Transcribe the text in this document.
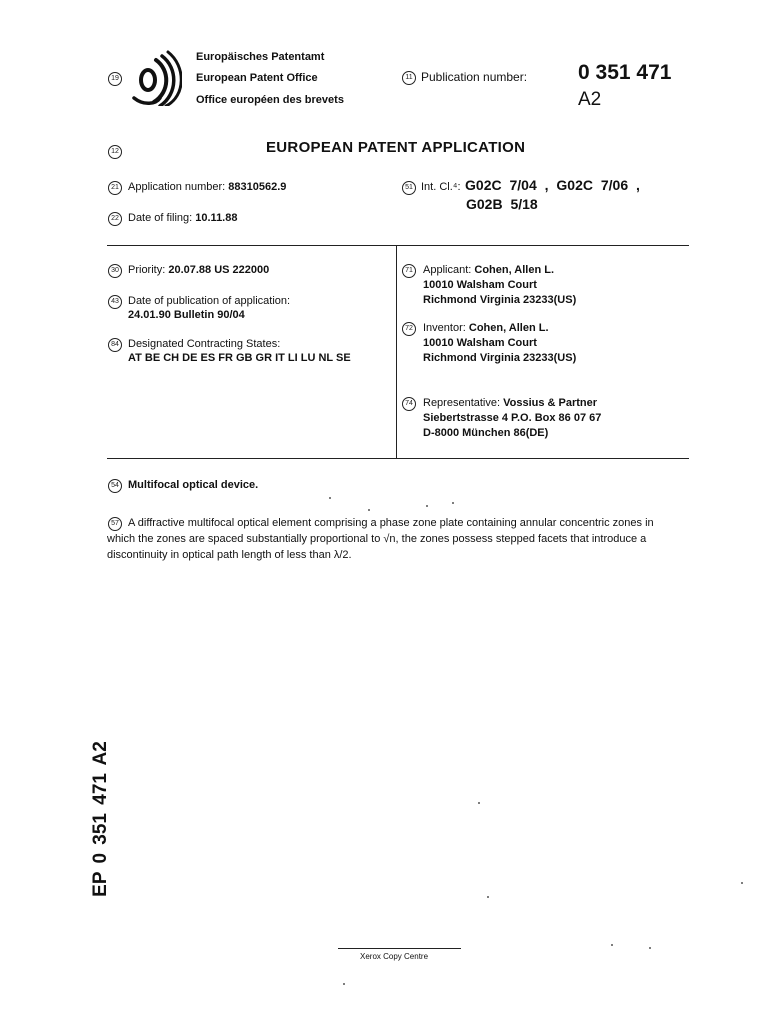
19
Europäisches Patentamt
European Patent Office
Office européen des brevets
11 Publication number: 0 351 471
A2
12	EUROPEAN PATENT APPLICATION
21 Application number: 88310562.9
22 Date of filing: 10.11.88
51 Int. Cl.⁴: G02C 7/04 , G02C 7/06 ,
G02B 5/18
30 Priority: 20.07.88 US 222000
43 Date of publication of application:
24.01.90 Bulletin 90/04
84 Designated Contracting States:
AT BE CH DE ES FR GB GR IT LI LU NL SE
71 Applicant: Cohen, Allen L.
10010 Walsham Court
Richmond Virginia 23233(US)
72 Inventor: Cohen, Allen L.
10010 Walsham Court
Richmond Virginia 23233(US)
74 Representative: Vossius & Partner
Siebertstrasse 4 P.O. Box 86 07 67
D-8000 München 86(DE)
54 Multifocal optical device.
57 A diffractive multifocal optical element comprising a phase zone plate containing annular concentric zones in
which the zones are spaced substantially proportional to √n, the zones possess stepped facets that introduce a
discontinuity in optical path length of less than λ/2.
EP 0 351 471 A2
Xerox Copy Centre
